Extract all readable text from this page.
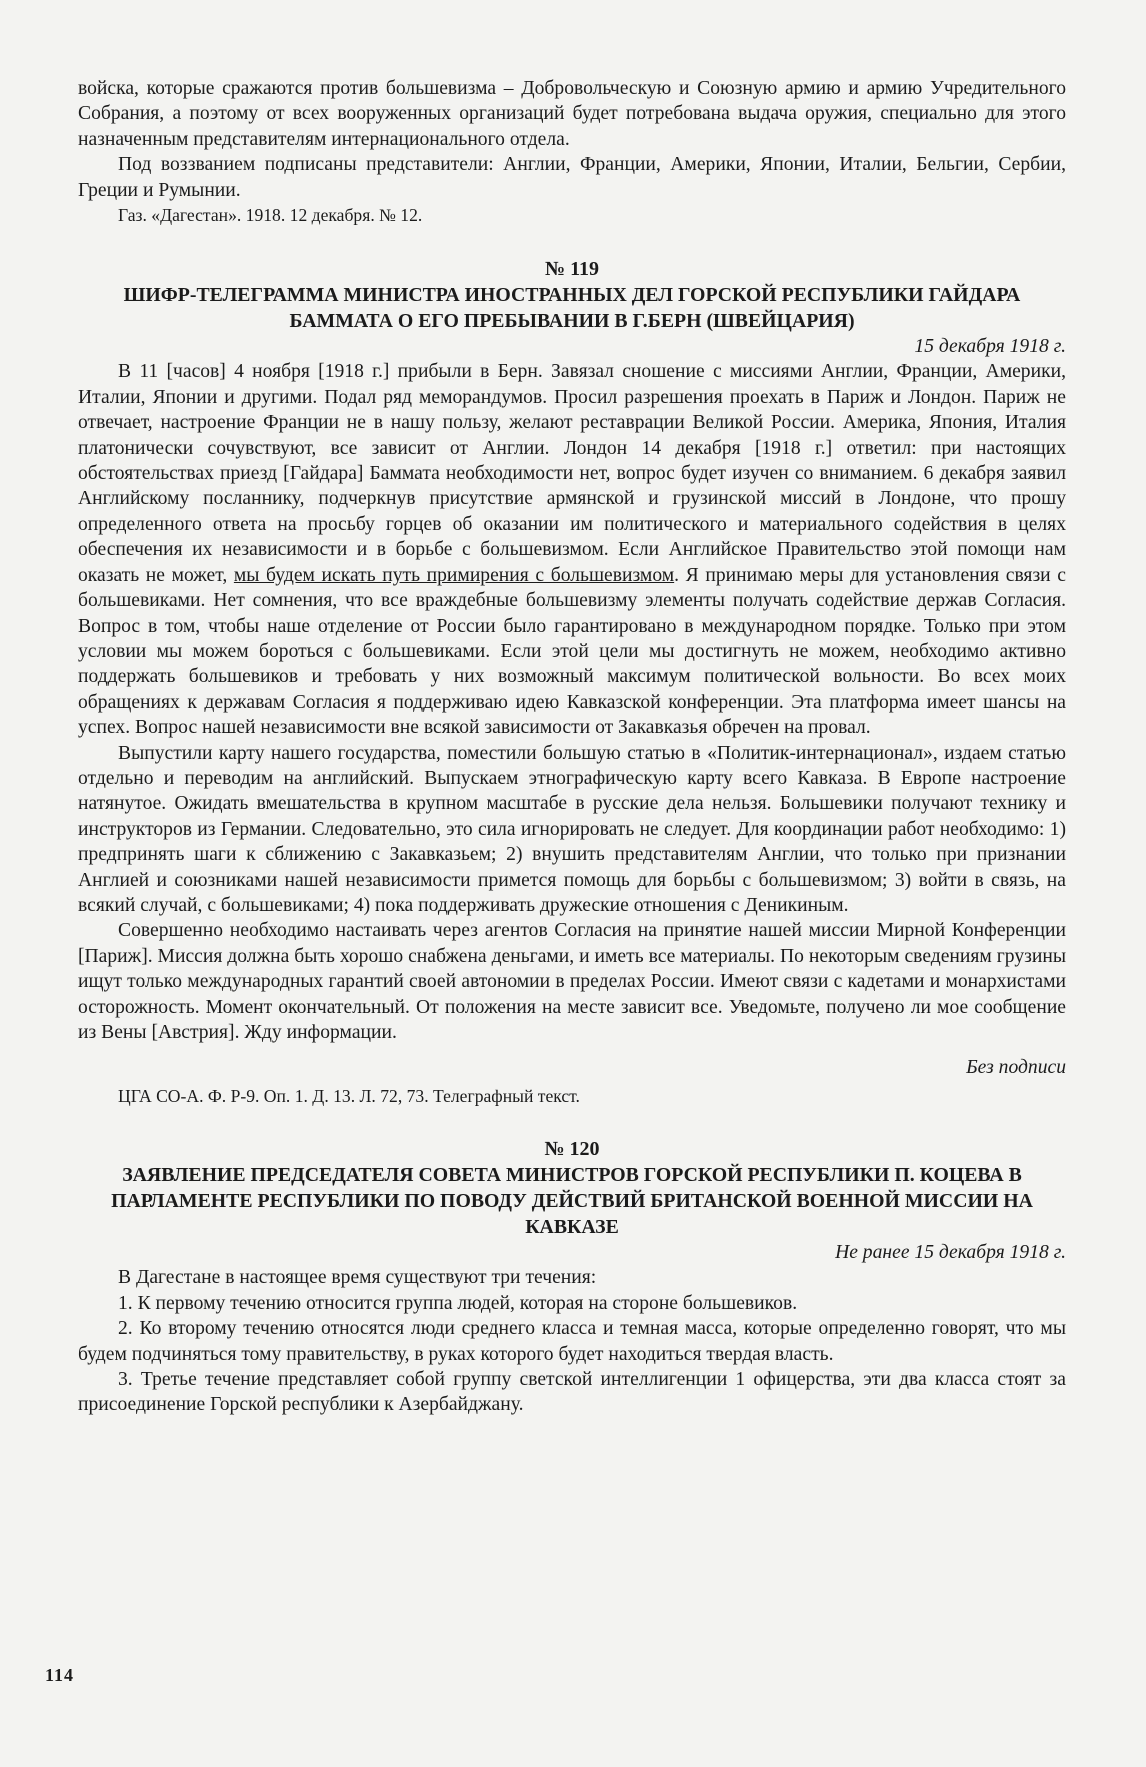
войска, которые сражаются против большевизма – Добровольческую и Союзную армию и армию Учредительного Собрания, а поэтому от всех вооруженных организаций будет потребована выдача оружия, специально для этого назначенным представителям интернационального отдела.

Под воззванием подписаны представители: Англии, Франции, Америки, Японии, Италии, Бельгии, Сербии, Греции и Румынии.

Газ. «Дагестан». 1918. 12 декабря. № 12.

№ 119
ШИФР-ТЕЛЕГРАММА МИНИСТРА ИНОСТРАННЫХ ДЕЛ ГОРСКОЙ РЕСПУБЛИКИ ГАЙДАРА БАММАТА О ЕГО ПРЕБЫВАНИИ В Г.БЕРН (ШВЕЙЦАРИЯ)
15 декабря 1918 г.

В 11 [часов] 4 ноября [1918 г.] прибыли в Берн. Завязал сношение с миссиями Англии, Франции, Америки, Италии, Японии и другими. Подал ряд меморандумов. Просил разрешения проехать в Париж и Лондон. Париж не отвечает, настроение Франции не в нашу пользу, желают реставрации Великой России. Америка, Япония, Италия платонически сочувствуют, все зависит от Англии. Лондон 14 декабря [1918 г.] ответил: при настоящих обстоятельствах приезд [Гайдара] Баммата необходимости нет, вопрос будет изучен со вниманием. 6 декабря заявил Английскому посланнику, подчеркнув присутствие армянской и грузинской миссий в Лондоне, что прошу определенного ответа на просьбу горцев об оказании им политического и материального содействия в целях обеспечения их независимости и в борьбе с большевизмом. Если Английское Правительство этой помощи нам оказать не может, мы будем искать путь примирения с большевизмом. Я принимаю меры для установления связи с большевиками. Нет сомнения, что все враждебные большевизму элементы получать содействие держав Согласия. Вопрос в том, чтобы наше отделение от России было гарантировано в международном порядке. Только при этом условии мы можем бороться с большевиками. Если этой цели мы достигнуть не можем, необходимо активно поддержать большевиков и требовать у них возможный максимум политической вольности. Во всех моих обращениях к державам Согласия я поддерживаю идею Кавказской конференции. Эта платформа имеет шансы на успех. Вопрос нашей независимости вне всякой зависимости от Закавказья обречен на провал.

Выпустили карту нашего государства, поместили большую статью в «Политик-интернационал», издаем статью отдельно и переводим на английский. Выпускаем этнографическую карту всего Кавказа. В Европе настроение натянутое. Ожидать вмешательства в крупном масштабе в русские дела нельзя. Большевики получают технику и инструкторов из Германии. Следовательно, это сила игнорировать не следует. Для координации работ необходимо: 1) предпринять шаги к сближению с Закавказьем; 2) внушить представителям Англии, что только при признании Англией и союзниками нашей независимости примется помощь для борьбы с большевизмом; 3) войти в связь, на всякий случай, с большевиками; 4) пока поддерживать дружеские отношения с Деникиным.

Совершенно необходимо настаивать через агентов Согласия на принятие нашей миссии Мирной Конференции [Париж]. Миссия должна быть хорошо снабжена деньгами, и иметь все материалы. По некоторым сведениям грузины ищут только международных гарантий своей автономии в пределах России. Имеют связи с кадетами и монархистами осторожность. Момент окончательный. От положения на месте зависит все. Уведомьте, получено ли мое сообщение из Вены [Австрия]. Жду информации.

Без подписи
ЦГА СО-А. Ф. Р-9. Оп. 1. Д. 13. Л. 72, 73. Телеграфный текст.
№ 120
ЗАЯВЛЕНИЕ ПРЕДСЕДАТЕЛЯ СОВЕТА МИНИСТРОВ ГОРСКОЙ РЕСПУБЛИКИ П. КОЦЕВА В ПАРЛАМЕНТЕ РЕСПУБЛИКИ ПО ПОВОДУ ДЕЙСТВИЙ БРИТАНСКОЙ ВОЕННОЙ МИССИИ НА КАВКАЗЕ
Не ранее 15 декабря 1918 г.

В Дагестане в настоящее время существуют три течения:

1. К первому течению относится группа людей, которая на стороне большевиков.

2. Ко второму течению относятся люди среднего класса и темная масса, которые определенно говорят, что мы будем подчиняться тому правительству, в руках которого будет находиться твердая власть.

3. Третье течение представляет собой группу светской интеллигенции 1 офицерства, эти два класса стоят за присоединение Горской республики к Азербайджану.

114
